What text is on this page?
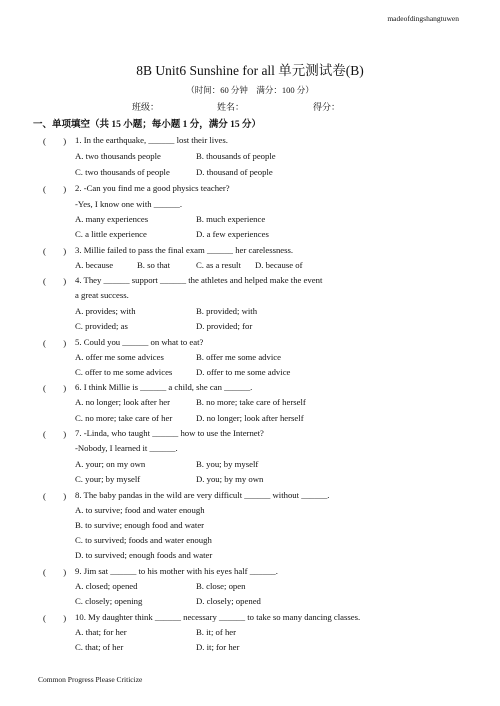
madeofdingshangtuwen
8B Unit6 Sunshine for all 单元测试卷(B)
（时间：60 分钟　满分：100 分）
班级：	姓名：	得分：
一、单项填空（共 15 小题；每小题 1 分，满分 15 分）
(　　) 1. In the earthquake, ______ lost their lives.
A. two thousands people	B. thousands of people
C. two thousands of people	D. thousand of people
(　　) 2. -Can you find me a good physics teacher?
-Yes, I know one with ______.
A. many experiences	B. much experience
C. a little experience	D. a few experiences
(　　) 3. Millie failed to pass the final exam ______ her carelessness.
A. because	B. so that	C. as a result D. because of
(　　) 4. They ______ support ______ the athletes and helped make the event
a great success.
A. provides; with	B. provided; with
C. provided; as	D. provided; for
(　　) 5. Could you ______ on what to eat?
A. offer me some advices	B. offer me some advice
C. offer to me some advices	D. offer to me some advice
(　　) 6. I think Millie is ______ a child, she can ______.
A. no longer; look after her	B. no more; take care of herself
C. no more; take care of her	D. no longer; look after herself
(　　) 7. -Linda, who taught ______ how to use the Internet?
-Nobody, I learned it ______.
A. your; on my own	B. you; by myself
C. your; by myself	D. you; by my own
(　　) 8. The baby pandas in the wild are very difficult ______ without ______.
A. to survive; food and water enough
B. to survive; enough food and water
C. to survived; foods and water enough
D. to survived; enough foods and water
(　　) 9. Jim sat ______ to his mother with his eyes half ______.
A. closed; opened	B. close; open
C. closely; opening	D. closely; opened
(　　) 10. My daughter think ______ necessary ______ to take so many dancing classes.
A. that; for her	B. it; of her
C. that; of her	D. it; for her
Common Progress Please Criticize
